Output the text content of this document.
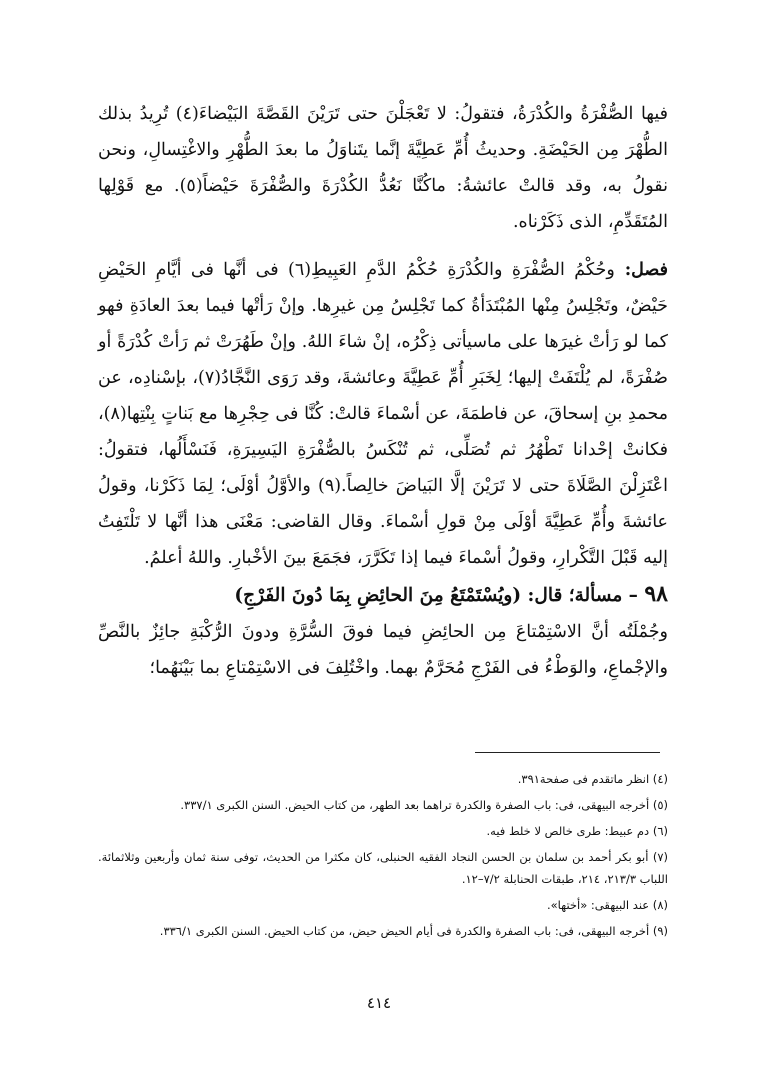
فيها الصُّفْرَةُ والكُدْرَةُ، فتقولُ: لا تَعْجَلْنَ حتى تَرَيْنَ القَصَّةَ البَيْضاءَ(٤) تُرِيدُ بذلك الطُّهْرَ مِن الحَيْضَةِ. وحديثُ أُمِّ عَطِيَّةَ إنَّما يتَناوَلُ ما بعدَ الطُّهْرِ والاغْتِسالِ، ونحن نقولُ به، وقد قالتْ عائشةُ: ماكُنَّا نَعُدُّ الكُدْرَةَ والصُّفْرَةَ حَيْضاً(٥). مع قَوْلِها المُتَقَدِّمِ، الذى ذَكَرْناه.

فصل: وحُكْمُ الصُّفْرَةِ والكُدْرَةِ حُكْمُ الدَّمِ العَبِيطِ(٦) فى أنَّها فى أيَّامِ الحَيْضِ حَيْضٌ، وتَجْلِسُ مِنْها المُبْتَدَأةُ كما تَجْلِسُ مِن غيرِها. وإنْ رَأتْها فيما بعدَ العادَةِ فهو كما لو رَأتْ غيرَها على ماسيأتى ذِكْرُه، إنْ شاءَ اللهُ. وإنْ طَهُرَتْ ثم رَأتْ كُدْرَةً أو صُفْرَةً، لم يُلْتَفَتْ إليها؛ لِخَبَرِ أُمِّ عَطِيَّةَ وعائشةَ، وقد رَوَى النَّجَّادُ(٧)، بإسْنادِه، عن محمدِ بنِ إسحاقَ، عن فاطمَةَ، عن أسْماءَ قالتْ: كُنَّا فى حِجْرِها مع بَناتٍ بِنْتِها(٨)، فكانتْ إحْدانا تَطْهُرُ ثم تُصَلِّى، ثم تُنْكَسُ بالصُّفْرَةِ اليَسِيرَةِ، فَنَسْأَلُها، فتقولُ: اعْتَزِلْنَ الصَّلَاةَ حتى لا تَرَيْنَ إلَّا البَياضَ خالِصاً.(٩) والأوَّلُ أوْلَى؛ لِمَا ذَكَرْنا، وقولُ عائشةَ وأُمِّ عَطِيَّةَ أوْلَى مِنْ قولِ أسْماءَ. وقال القاضى: مَعْنَى هذا أنَّها لا تَلْتَفِتُ إليه قَبْلَ التَّكْرارِ، وقولُ أسْماءَ فيما إذا تَكَرَّرَ، فجَمَعَ بينَ الأخْبارِ. واللهُ أعلمُ.

٩٨ – مسألة؛ قال: (ويُسْتَمْتَعُ مِنَ الحائِضِ بِمَا دُونَ الفَرْجِ)

وجُمْلَتُه أنَّ الاسْتِمْتاعَ مِن الحائِضِ فيما فوقَ السُّرَّةِ ودونَ الرُّكْبَةِ جائِزٌ بالنَّصِّ والإجْماعِ، والوَطْءُ فى الفَرْجِ مُحَرَّمٌ بهما. واخْتُلِفَ فى الاسْتِمْتاعِ بما بَيْنَهُما؛

(٤) انظر ماتقدم فى صفحة٣٩١.
(٥) أخرجه البيهقى، فى: باب الصفرة والكدرة تراهما بعد الطهر، من كتاب الحيض. السنن الكبرى ٣٣٧/١.
(٦) دم عبيط: طرى خالص لا خلط فيه.
(٧) أبو بكر أحمد بن سلمان بن الحسن النجاد الفقيه الحنبلى، كان مكثرا من الحديث، توفى سنة ثمان وأربعين وثلاثمائة. اللباب ٢١٣/٣، ٢١٤، طبقات الحنابلة ٧/٢–١٢.
(٨) عند البيهقى: «أختها».
(٩) أخرجه البيهقى، فى: باب الصفرة والكدرة فى أيام الحيض حيض، من كتاب الحيض. السنن الكبرى ٣٣٦/١.
٤١٤
